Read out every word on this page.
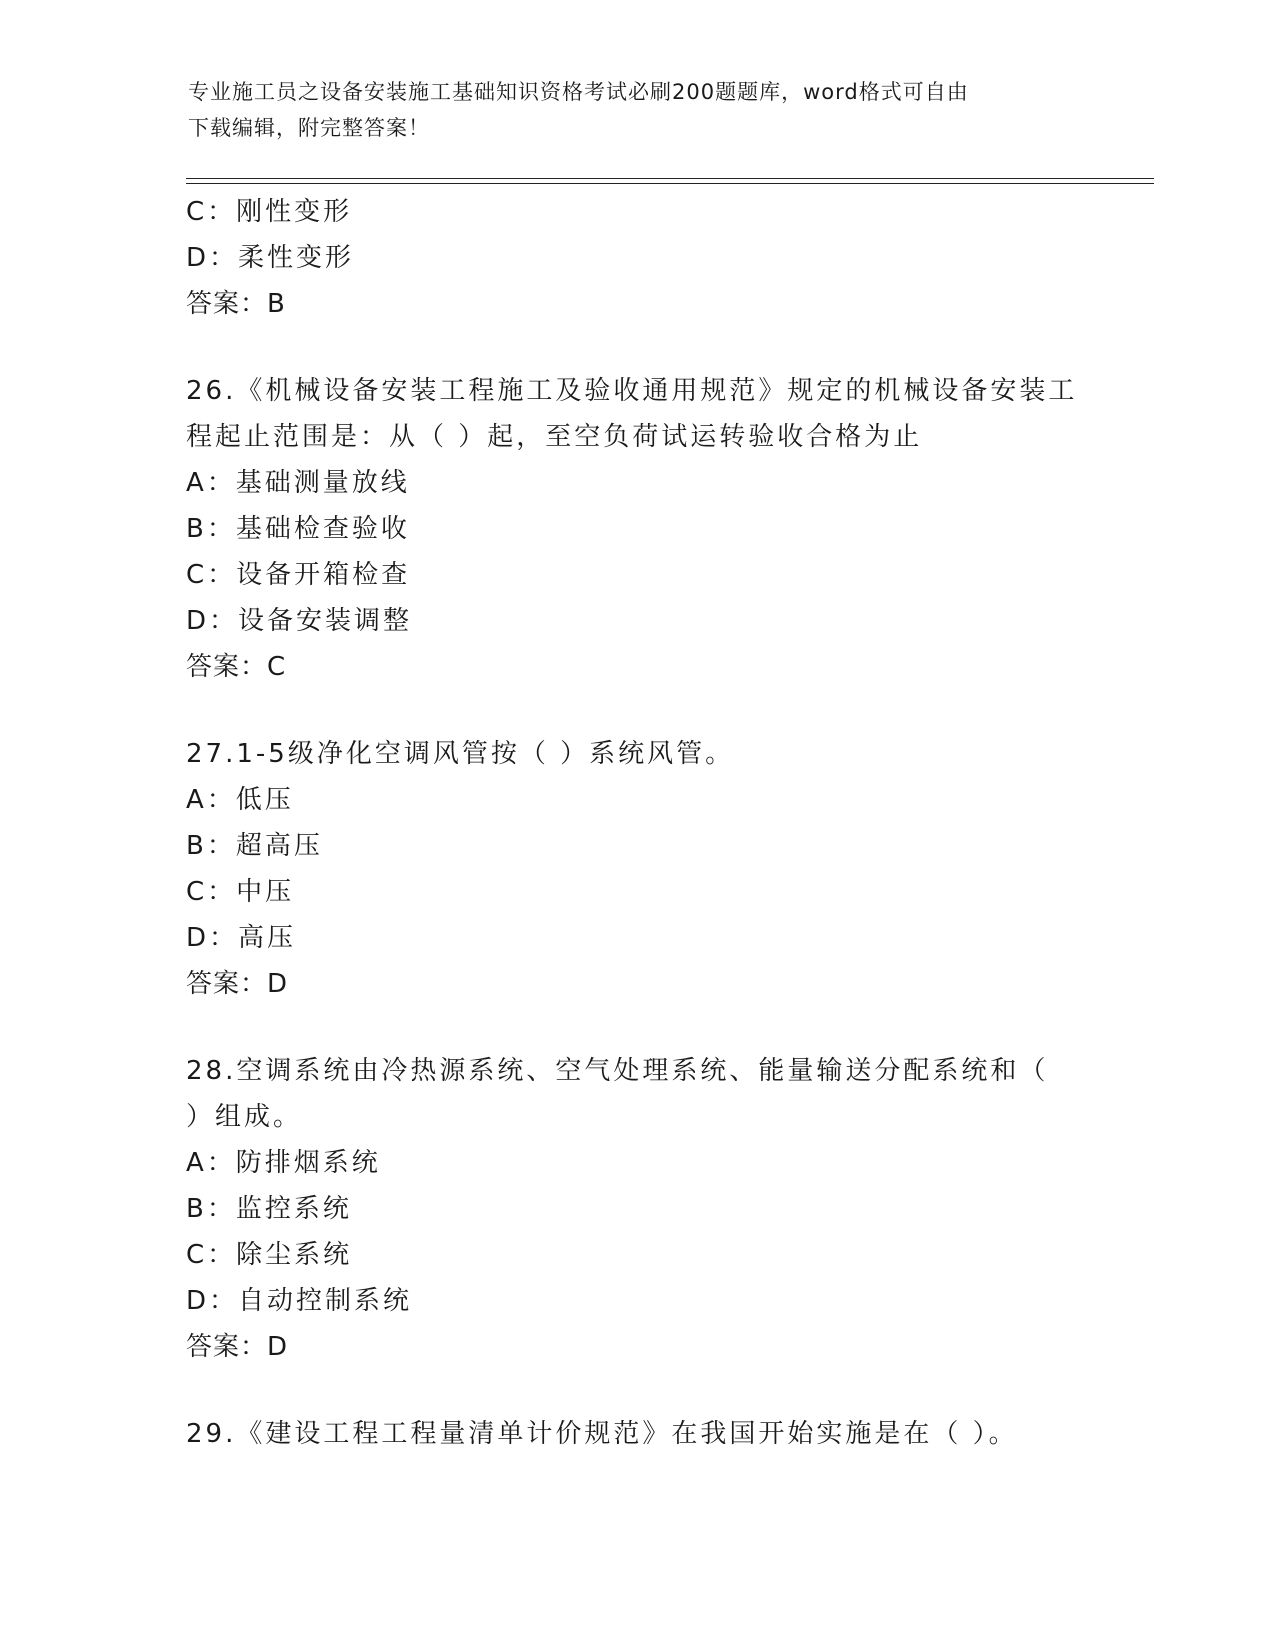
专业施工员之设备安装施工基础知识资格考试必刷200题题库，word格式可自由
下载编辑，附完整答案！
C：刚性变形
D：柔性变形
答案：B
26.《机械设备安装工程施工及验收通用规范》规定的机械设备安装工
程起止范围是：从（ ）起，至空负荷试运转验收合格为止
A：基础测量放线
B：基础检查验收
C：设备开箱检查
D：设备安装调整
答案：C
27.1-5级净化空调风管按（ ）系统风管。
A：低压
B：超高压
C：中压
D：高压
答案：D
28.空调系统由冷热源系统、空气处理系统、能量输送分配系统和（
）组成。
A：防排烟系统
B：监控系统
C：除尘系统
D：自动控制系统
答案：D
29.《建设工程工程量清单计价规范》在我国开始实施是在（ ）。
